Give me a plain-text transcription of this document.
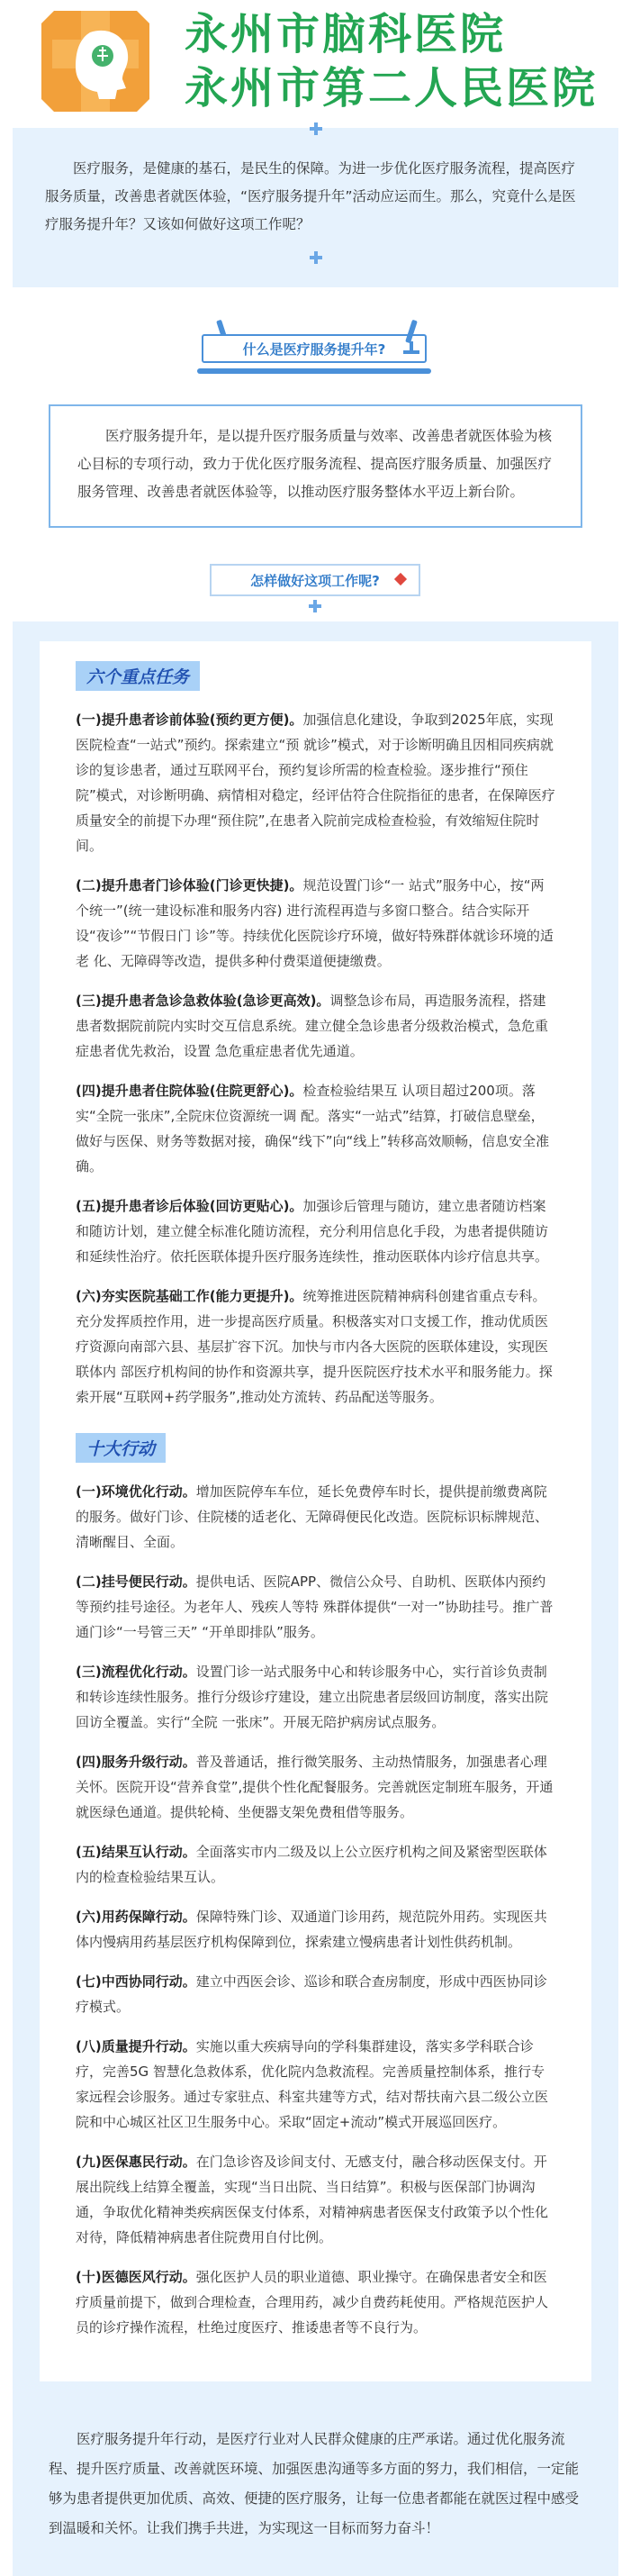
永州市脑科医院
永州市第二人民医院

医疗服务，是健康的基石，是民生的保障。为进一步优化医疗服务流程，提高医疗服务质量，改善患者就医体验，“医疗服务提升年”活动应运而生。那么，究竟什么是医疗服务提升年？又该如何做好这项工作呢？

什么是医疗服务提升年?

医疗服务提升年，是以提升医疗服务质量与效率、改善患者就医体验为核心目标的专项行动，致力于优化医疗服务流程、提高医疗服务质量、加强医疗服务管理、改善患者就医体验等，以推动医疗服务整体水平迈上新台阶。

怎样做好这项工作呢?
六个重点任务

(一)提升患者诊前体验(预约更方便)。加强信息化建设，争取到2025年底，实现医院检查“一站式”预约。探索建立“预 就诊”模式，对于诊断明确且因相同疾病就诊的复诊患者，通过互联网平台，预约复诊所需的检查检验。逐步推行“预住院”模式，对诊断明确、病情相对稳定，经评估符合住院指征的患者，在保障医疗质量安全的前提下办理“预住院”,在患者入院前完成检查检验，有效缩短住院时间。

(二)提升患者门诊体验(门诊更快捷)。规范设置门诊“一 站式”服务中心，按“两个统一”(统一建设标准和服务内容) 进行流程再造与多窗口整合。结合实际开设“夜诊”“节假日门 诊”等。持续优化医院诊疗环境，做好特殊群体就诊环境的适老 化、无障碍等改造，提供多种付费渠道便捷缴费。

(三)提升患者急诊急救体验(急诊更高效)。调整急诊布局，再造服务流程，搭建患者数据院前院内实时交互信息系统。建立健全急诊患者分级救治模式，急危重症患者优先救治，设置 急危重症患者优先通道。

(四)提升患者住院体验(住院更舒心)。检查检验结果互 认项目超过200项。落实“全院一张床”,全院床位资源统一调 配。落实“一站式”结算，打破信息壁垒，做好与医保、财务等数据对接，确保“线下”向“线上”转移高效顺畅，信息安全准确。

(五)提升患者诊后体验(回访更贴心)。加强诊后管理与随访，建立患者随访档案和随访计划，建立健全标准化随访流程，充分利用信息化手段，为患者提供随访和延续性治疗。依托医联体提升医疗服务连续性，推动医联体内诊疗信息共享。

(六)夯实医院基础工作(能力更提升)。统筹推进医院精神病科创建省重点专科。充分发挥质控作用，进一步提高医疗质量。积极落实对口支援工作，推动优质医疗资源向南部六县、基层扩容下沉。加快与市内各大医院的医联体建设，实现医联体内 部医疗机构间的协作和资源共享，提升医院医疗技术水平和服务能力。探索开展“互联网+药学服务”,推动处方流转、药品配送等服务。

十大行动

(一)环境优化行动。增加医院停车车位，延长免费停车时长，提供提前缴费离院的服务。做好门诊、住院楼的适老化、无障碍便民化改造。医院标识标牌规范、清晰醒目、全面。

(二)挂号便民行动。提供电话、医院APP、微信公众号、自助机、医联体内预约等预约挂号途径。为老年人、残疾人等特 殊群体提供“一对一”协助挂号。推广普通门诊“一号管三天” “开单即排队”服务。

(三)流程优化行动。设置门诊一站式服务中心和转诊服务中心，实行首诊负责制和转诊连续性服务。推行分级诊疗建设，建立出院患者层级回访制度，落实出院回访全覆盖。实行“全院 一张床”。开展无陪护病房试点服务。

(四)服务升级行动。普及普通话，推行微笑服务、主动热情服务，加强患者心理关怀。医院开设“营养食堂”,提供个性化配餐服务。完善就医定制班车服务，开通就医绿色通道。提供轮椅、坐便器支架免费租借等服务。

(五)结果互认行动。全面落实市内二级及以上公立医疗机构之间及紧密型医联体内的检查检验结果互认。

(六)用药保障行动。保障特殊门诊、双通道门诊用药，规范院外用药。实现医共体内慢病用药基层医疗机构保障到位，探索建立慢病患者计划性供药机制。

(七)中西协同行动。建立中西医会诊、巡诊和联合查房制度，形成中西医协同诊疗模式。

(八)质量提升行动。实施以重大疾病导向的学科集群建设，落实多学科联合诊疗，完善5G 智慧化急救体系，优化院内急救流程。完善质量控制体系，推行专家远程会诊服务。通过专家驻点、科室共建等方式，结对帮扶南六县二级公立医院和中心城区社区卫生服务中心。采取“固定+流动”模式开展巡回医疗。

(九)医保惠民行动。在门急诊咨及诊间支付、无感支付，融合移动医保支付。开展出院线上结算全覆盖，实现“当日出院、当日结算”。积极与医保部门协调沟通，争取优化精神类疾病医保支付体系，对精神病患者医保支付政策予以个性化对待，降低精神病患者住院费用自付比例。

(十)医德医风行动。强化医护人员的职业道德、职业操守。在确保患者安全和医疗质量前提下，做到合理检查，合理用药，减少自费药耗使用。严格规范医护人员的诊疗操作流程，杜绝过度医疗、推诿患者等不良行为。

医疗服务提升年行动，是医疗行业对人民群众健康的庄严承诺。通过优化服务流程、提升医疗质量、改善就医环境、加强医患沟通等多方面的努力，我们相信，一定能够为患者提供更加优质、高效、便捷的医疗服务，让每一位患者都能在就医过程中感受到温暖和关怀。让我们携手共进，为实现这一目标而努力奋斗！
